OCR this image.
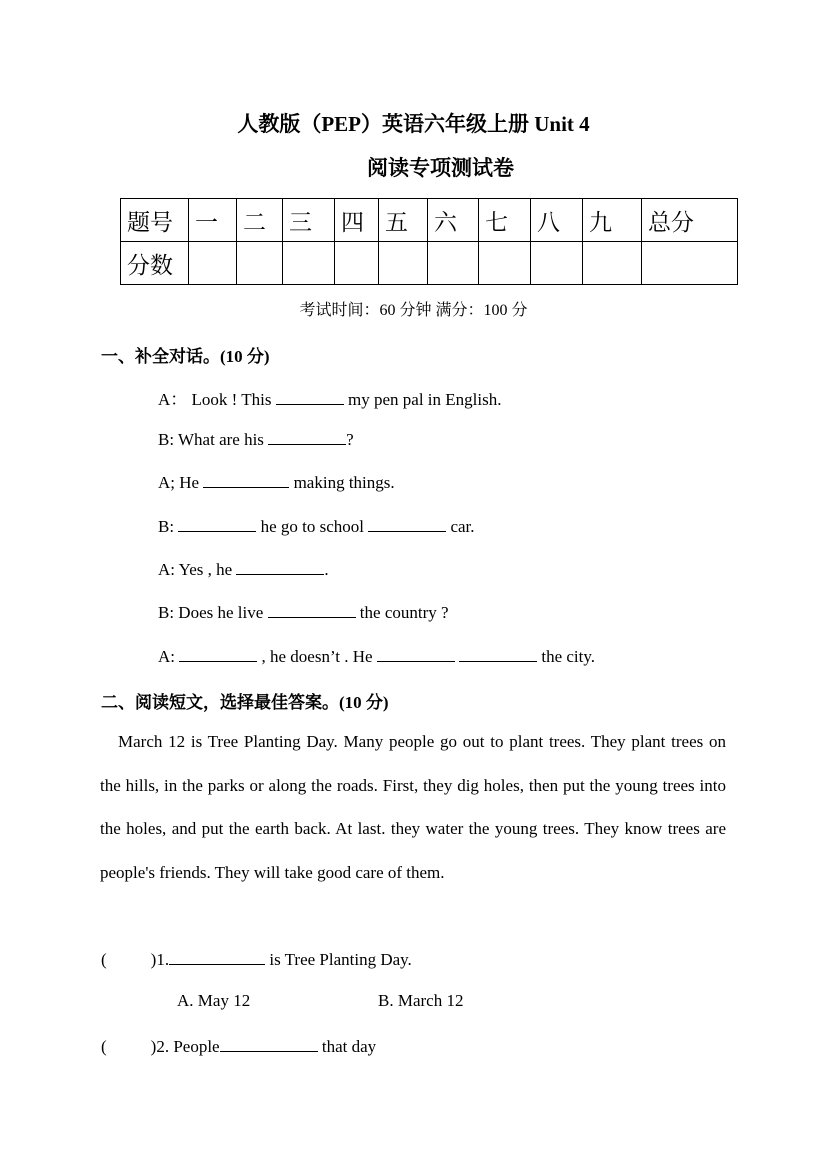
人教版（PEP）英语六年级上册 Unit 4
阅读专项测试卷
题号	一	二	三	四	五	六	七	八	九	总分
分数										
考试时间：60 分钟 满分：100 分
一、补全对话。(10 分)
A： Look ! This	my pen pal in English.
B: What are his	?
A; He	making things.
B:	he go to school	car.
A: Yes , he	.
B: Does he live	the country ?
A:	, he doesn’t . He	the city.
二、阅读短文，选择最佳答案。(10 分)

March 12 is Tree Planting Day. Many people go out to plant trees. They plant trees on the hills, in the parks or along the roads. First, they dig holes, then put the young trees into the holes, and put the earth back. At last. they water the young trees. They know trees are people's friends. They will take good care of them.

(	)1.	is Tree Planting Day.
A. May 12	B. March 12
(	)2. People	that day
